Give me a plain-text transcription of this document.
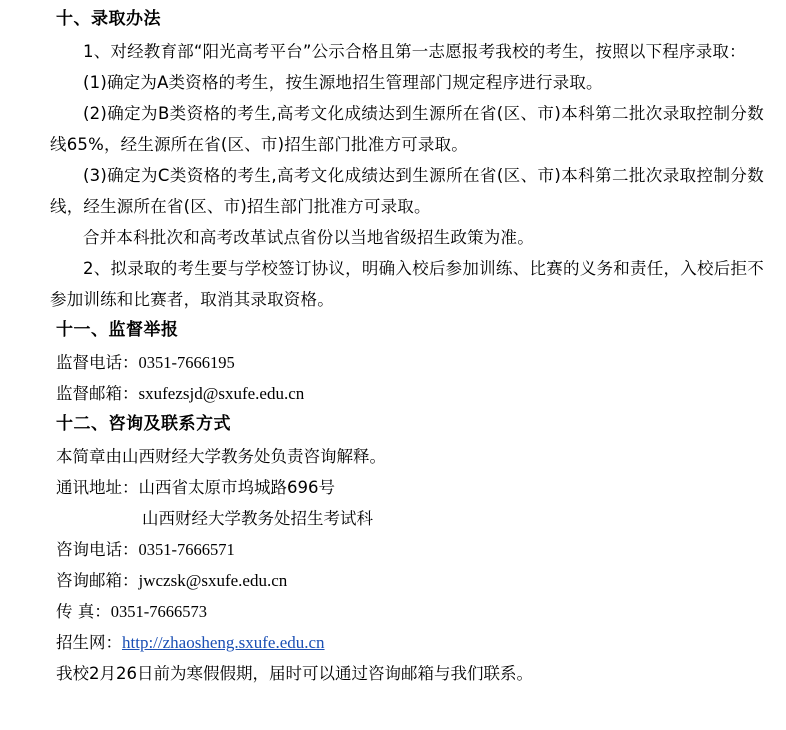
十、录取办法

1、对经教育部“阳光高考平台”公示合格且第一志愿报考我校的考生，按照以下程序录取：

(1)确定为A类资格的考生，按生源地招生管理部门规定程序进行录取。

(2)确定为B类资格的考生,高考文化成绩达到生源所在省(区、市)本科第二批次录取控制分数线65%，经生源所在省(区、市)招生部门批准方可录取。

(3)确定为C类资格的考生,高考文化成绩达到生源所在省(区、市)本科第二批次录取控制分数线，经生源所在省(区、市)招生部门批准方可录取。

合并本科批次和高考改革试点省份以当地省级招生政策为准。

2、拟录取的考生要与学校签订协议，明确入校后参加训练、比赛的义务和责任，入校后拒不参加训练和比赛者，取消其录取资格。

十一、监督举报

监督电话：0351-7666195

监督邮箱：sxufezsjd@sxufe.edu.cn

十二、咨询及联系方式

本简章由山西财经大学教务处负责咨询解释。

通讯地址：山西省太原市坞城路696号

山西财经大学教务处招生考试科

咨询电话：0351-7666571

咨询邮箱：jwczsk@sxufe.edu.cn

传 真：0351-7666573

招生网：http://zhaosheng.sxufe.edu.cn

我校2月26日前为寒假假期，届时可以通过咨询邮箱与我们联系。
